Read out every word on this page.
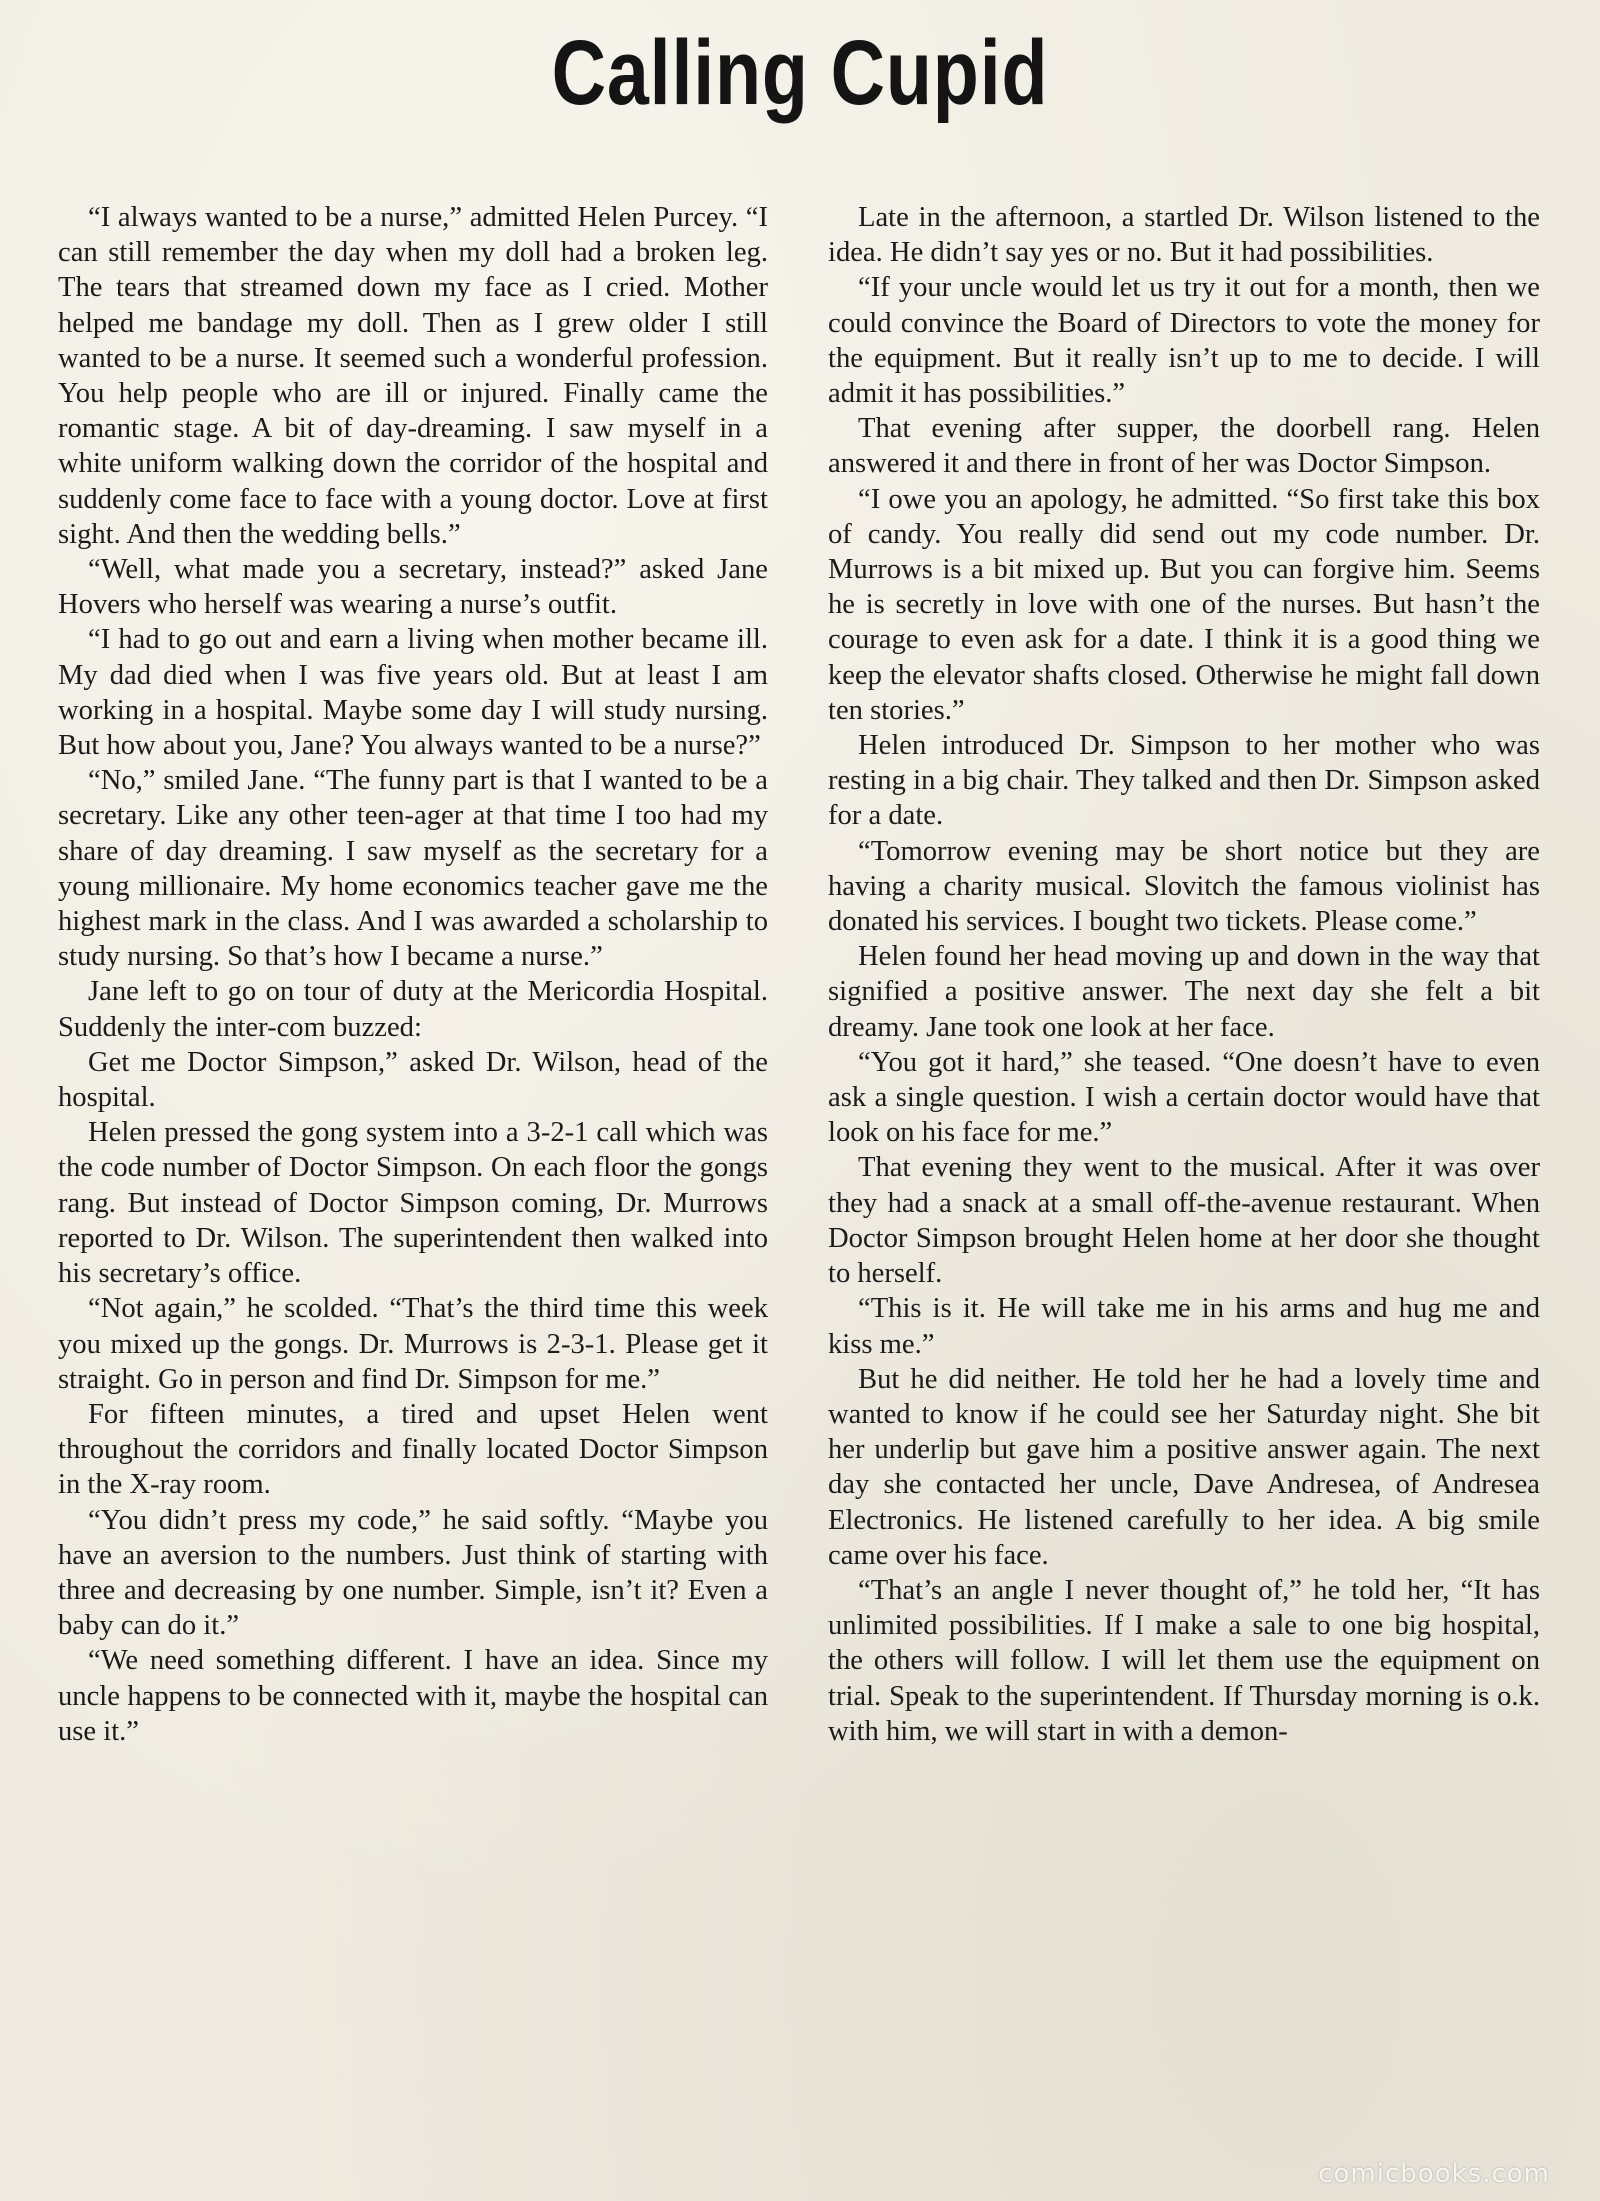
Calling Cupid

“I always wanted to be a nurse,” admitted Helen Purcey. “I can still remember the day when my doll had a broken leg. The tears that streamed down my face as I cried. Mother helped me bandage my doll. Then as I grew older I still wanted to be a nurse. It seemed such a wonderful profession. You help people who are ill or injured. Finally came the romantic stage. A bit of day-dreaming. I saw myself in a white uniform walking down the corridor of the hospital and suddenly come face to face with a young doctor. Love at first sight. And then the wedding bells.”

“Well, what made you a secretary, instead?” asked Jane Hovers who herself was wearing a nurse’s outfit.

“I had to go out and earn a living when mother became ill. My dad died when I was five years old. But at least I am working in a hospital. Maybe some day I will study nursing. But how about you, Jane? You always wanted to be a nurse?”

“No,” smiled Jane. “The funny part is that I wanted to be a secretary. Like any other teen-ager at that time I too had my share of day dreaming. I saw myself as the secretary for a young millionaire. My home economics teacher gave me the highest mark in the class. And I was awarded a scholarship to study nursing. So that’s how I became a nurse.”

Jane left to go on tour of duty at the Mericordia Hospital. Suddenly the inter-com buzzed:

Get me Doctor Simpson,” asked Dr. Wilson, head of the hospital.

Helen pressed the gong system into a 3-2-1 call which was the code number of Doctor Simpson. On each floor the gongs rang. But instead of Doctor Simpson coming, Dr. Murrows reported to Dr. Wilson. The superintendent then walked into his secretary’s office.

“Not again,” he scolded. “That’s the third time this week you mixed up the gongs. Dr. Murrows is 2-3-1. Please get it straight. Go in person and find Dr. Simpson for me.”

For fifteen minutes, a tired and upset Helen went throughout the corridors and finally located Doctor Simpson in the X-ray room.

“You didn’t press my code,” he said softly. “Maybe you have an aversion to the numbers. Just think of starting with three and decreasing by one number. Simple, isn’t it? Even a baby can do it.”

“We need something different. I have an idea. Since my uncle happens to be connected with it, maybe the hospital can use it.”

Late in the afternoon, a startled Dr. Wilson listened to the idea. He didn’t say yes or no. But it had possibilities.

“If your uncle would let us try it out for a month, then we could convince the Board of Directors to vote the money for the equipment. But it really isn’t up to me to decide. I will admit it has possibilities.”

That evening after supper, the doorbell rang. Helen answered it and there in front of her was Doctor Simpson.

“I owe you an apology, he admitted. “So first take this box of candy. You really did send out my code number. Dr. Murrows is a bit mixed up. But you can forgive him. Seems he is secretly in love with one of the nurses. But hasn’t the courage to even ask for a date. I think it is a good thing we keep the elevator shafts closed. Otherwise he might fall down ten stories.”

Helen introduced Dr. Simpson to her mother who was resting in a big chair. They talked and then Dr. Simpson asked for a date.

“Tomorrow evening may be short notice but they are having a charity musical. Slovitch the famous violinist has donated his services. I bought two tickets. Please come.”

Helen found her head moving up and down in the way that signified a positive answer. The next day she felt a bit dreamy. Jane took one look at her face.

“You got it hard,” she teased. “One doesn’t have to even ask a single question. I wish a certain doctor would have that look on his face for me.”

That evening they went to the musical. After it was over they had a snack at a small off-the-avenue restaurant. When Doctor Simpson brought Helen home at her door she thought to herself.

“This is it. He will take me in his arms and hug me and kiss me.”

But he did neither. He told her he had a lovely time and wanted to know if he could see her Saturday night. She bit her underlip but gave him a positive answer again. The next day she contacted her uncle, Dave Andresea, of Andresea Electronics. He listened carefully to her idea. A big smile came over his face.

“That’s an angle I never thought of,” he told her, “It has unlimited possibilities. If I make a sale to one big hospital, the others will follow. I will let them use the equipment on trial. Speak to the superintendent. If Thursday morning is o.k. with him, we will start in with a demon-

comicbooks.com
